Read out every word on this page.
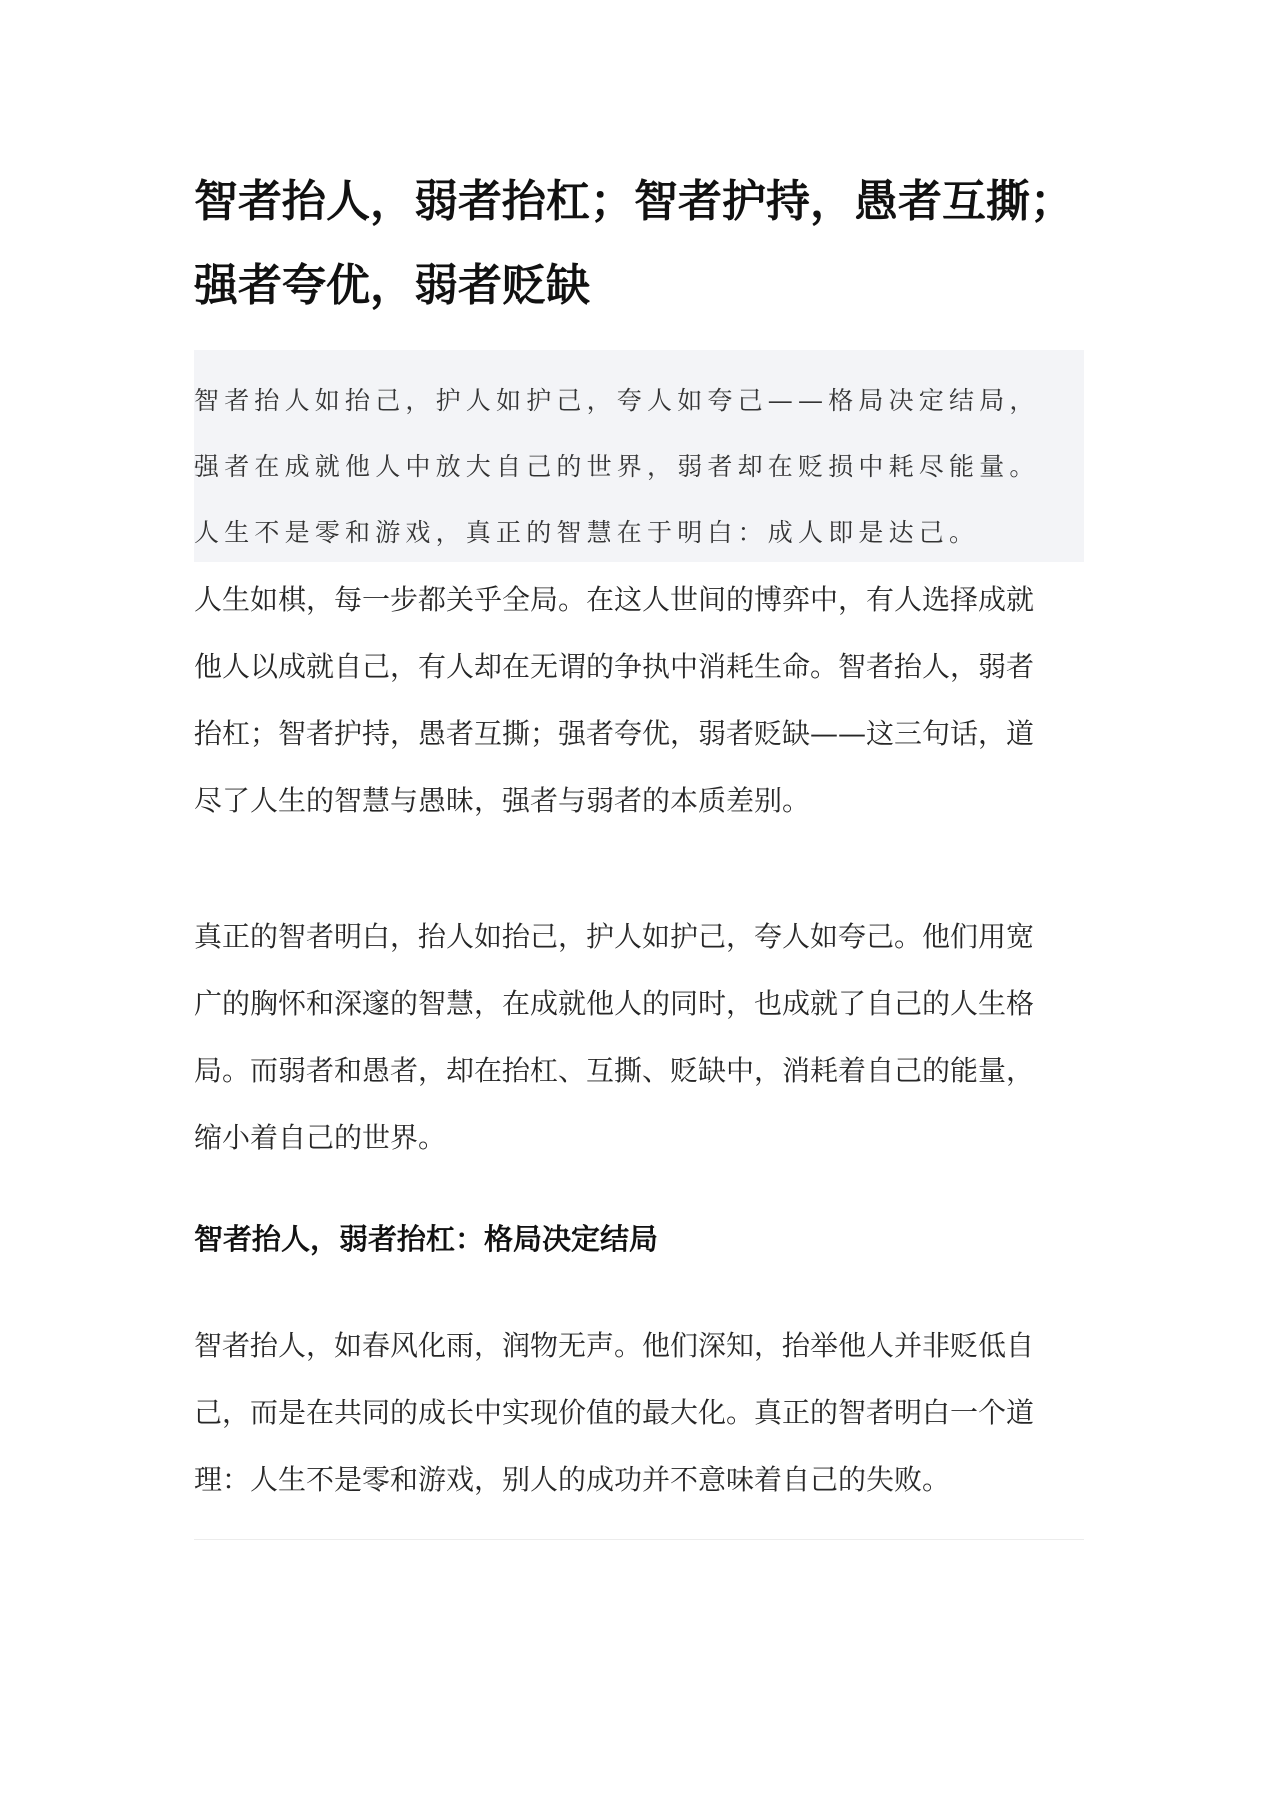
智者抬人，弱者抬杠；智者护持，愚者互撕；
强者夸优，弱者贬缺
智者抬人如抬己，护人如护己，夸人如夸己——格局决定结局，
强者在成就他人中放大自己的世界，弱者却在贬损中耗尽能量。
人生不是零和游戏，真正的智慧在于明白：成人即是达己。

人生如棋，每一步都关乎全局。在这人世间的博弈中，有人选择成就
他人以成就自己，有人却在无谓的争执中消耗生命。智者抬人，弱者
抬杠；智者护持，愚者互撕；强者夸优，弱者贬缺——这三句话，道
尽了人生的智慧与愚昧，强者与弱者的本质差别。

真正的智者明白，抬人如抬己，护人如护己，夸人如夸己。他们用宽
广的胸怀和深邃的智慧，在成就他人的同时，也成就了自己的人生格
局。而弱者和愚者，却在抬杠、互撕、贬缺中，消耗着自己的能量，
缩小着自己的世界。

智者抬人，弱者抬杠：格局决定结局

智者抬人，如春风化雨，润物无声。他们深知，抬举他人并非贬低自
己，而是在共同的成长中实现价值的最大化。真正的智者明白一个道
理：人生不是零和游戏，别人的成功并不意味着自己的失败。
